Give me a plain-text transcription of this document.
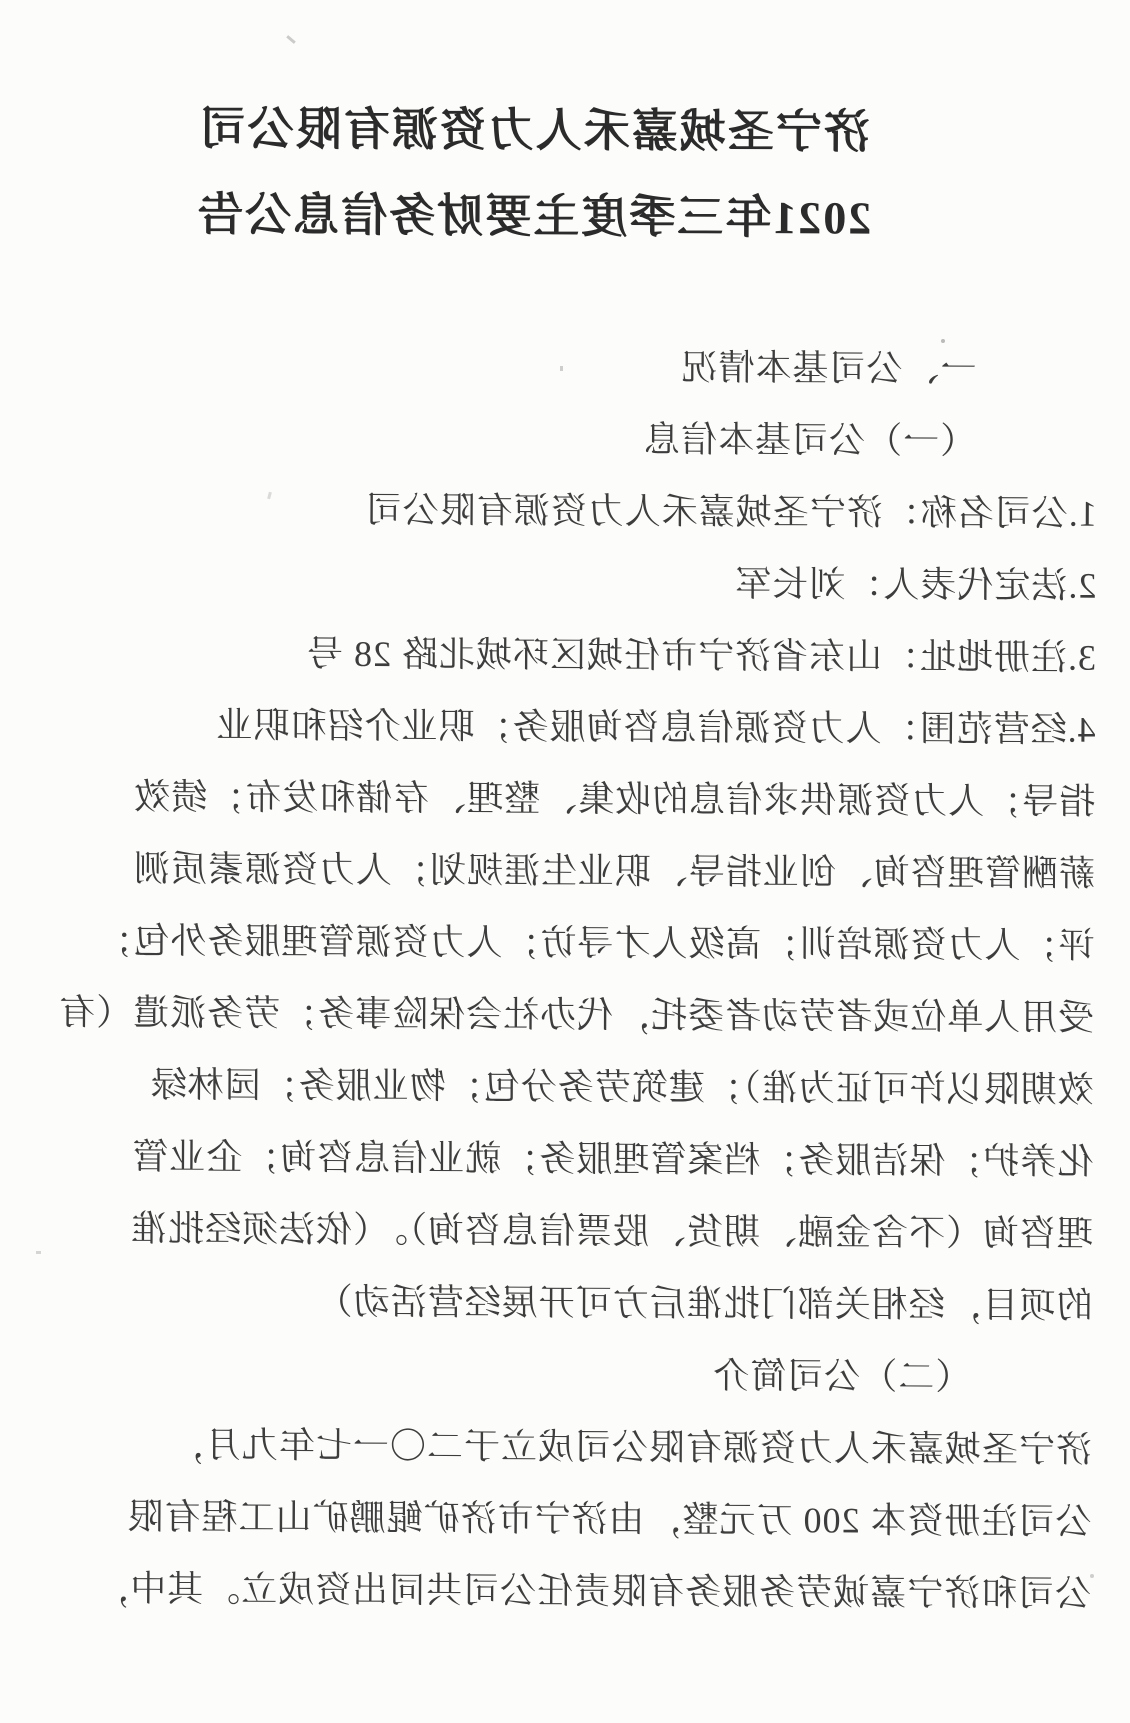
济宁圣城嘉禾人力资源有限公司
2021年三季度主要财务信息公告
一、公司基本情况
（一）公司基本信息
1.公司名称：济宁圣城嘉禾人力资源有限公司
2.法定代表人：刘长军
3.注册地址：山东省济宁市任城区环城北路 28 号
4.经营范围：人力资源信息咨询服务；职业介绍和职业
指导；人力资源供求信息的收集、整理、存储和发布；绩效
薪酬管理咨询、创业指导、职业生涯规划；人力资源素质测
评；人力资源培训；高级人才寻访；人力资源管理服务外包；
受用人单位或者劳动者委托，代办社会保险事务；劳务派遣（有
效期限以许可证为准）；建筑劳务分包；物业服务；园林绿
化养护；保洁服务；档案管理服务；就业信息咨询；企业管
理咨询（不含金融、期货、股票信息咨询）。（依法须经批准
的项目，经相关部门批准后方可开展经营活动）
（二）公司简介
济宁圣城嘉禾人力资源有限公司成立于二〇一七年九月，
公司注册资本 200 万元整，由济宁市济矿鲲鹏矿山工程有限
公司和济宁嘉诚劳务服务有限责任公司共同出资成立。其中，
